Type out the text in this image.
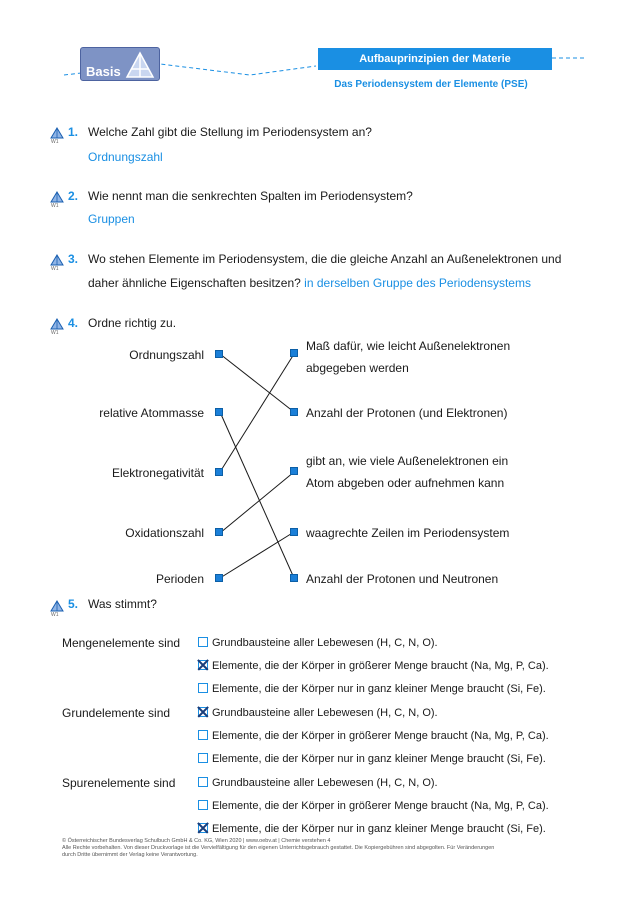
Basis
Aufbauprinzipien der Materie
Das Periodensystem der Elemente (PSE)
W1
1. Welche Zahl gibt die Stellung im Periodensystem an?
Ordnungszahl
W1
2. Wie nennt man die senkrechten Spalten im Periodensystem?
Gruppen
W1
3. Wo stehen Elemente im Periodensystem, die die gleiche Anzahl an Außenelektronen und
daher ähnliche Eigenschaften besitzen? in derselben Gruppe des Periodensystems
W1
4. Ordne richtig zu.
Ordnungszahl
relative Atommasse
Elektronegativität
Oxidationszahl
Perioden
Maß dafür, wie leicht Außenelektronen
abgegeben werden
Anzahl der Protonen (und Elektronen)
gibt an, wie viele Außenelektronen ein
Atom abgeben oder aufnehmen kann
waagrechte Zeilen im Periodensystem
Anzahl der Protonen und Neutronen
W1
5. Was stimmt?
Mengenelemente sind	Grundbausteine aller Lebewesen (H, C, N, O).
Elemente, die der Körper in größerer Menge braucht (Na, Mg, P, Ca).
Elemente, die der Körper nur in ganz kleiner Menge braucht (Si, Fe).
Grundelemente sind	Grundbausteine aller Lebewesen (H, C, N, O).
Elemente, die der Körper in größerer Menge braucht (Na, Mg, P, Ca).
Elemente, die der Körper nur in ganz kleiner Menge braucht (Si, Fe).
Spurenelemente sind	Grundbausteine aller Lebewesen (H, C, N, O).
Elemente, die der Körper in größerer Menge braucht (Na, Mg, P, Ca).
Elemente, die der Körper nur in ganz kleiner Menge braucht (Si, Fe).
© Österreichischer Bundesverlag Schulbuch GmbH & Co. KG, Wien 2020 | www.oebv.at | Chemie verstehen 4
Alle Rechte vorbehalten. Von dieser Druckvorlage ist die Vervielfältigung für den eigenen Unterrichtsgebrauch gestattet. Die Kopiergebühren sind abgegolten. Für Veränderungen
durch Dritte übernimmt der Verlag keine Verantwortung.
